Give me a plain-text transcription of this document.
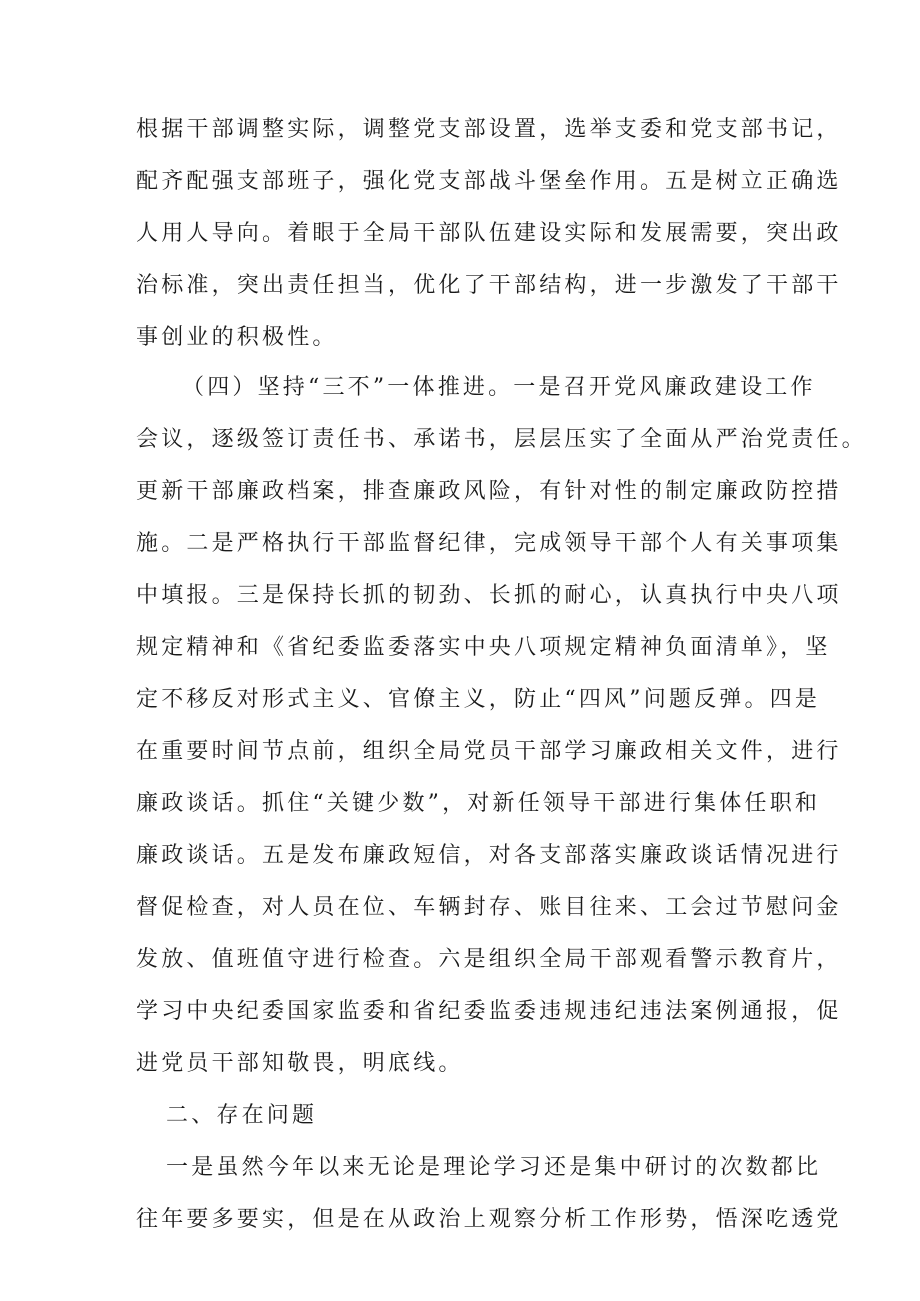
根据干部调整实际，调整党支部设置，选举支委和党支部书记，
配齐配强支部班子，强化党支部战斗堡垒作用。五是树立正确选
人用人导向。着眼于全局干部队伍建设实际和发展需要，突出政
治标准，突出责任担当，优化了干部结构，进一步激发了干部干
事创业的积极性。
（四）坚持“三不”一体推进。一是召开党风廉政建设工作
会议，逐级签订责任书、承诺书，层层压实了全面从严治党责任。
更新干部廉政档案，排查廉政风险，有针对性的制定廉政防控措
施。二是严格执行干部监督纪律，完成领导干部个人有关事项集
中填报。三是保持长抓的韧劲、长抓的耐心，认真执行中央八项
规定精神和《省纪委监委落实中央八项规定精神负面清单》，坚
定不移反对形式主义、官僚主义，防止“四风”问题反弹。四是
在重要时间节点前，组织全局党员干部学习廉政相关文件，进行
廉政谈话。抓住“关键少数”，对新任领导干部进行集体任职和
廉政谈话。五是发布廉政短信，对各支部落实廉政谈话情况进行
督促检查，对人员在位、车辆封存、账目往来、工会过节慰问金
发放、值班值守进行检查。六是组织全局干部观看警示教育片，
学习中央纪委国家监委和省纪委监委违规违纪违法案例通报，促
进党员干部知敬畏，明底线。
二、存在问题
一是虽然今年以来无论是理论学习还是集中研讨的次数都比
往年要多要实，但是在从政治上观察分析工作形势，悟深吃透党
